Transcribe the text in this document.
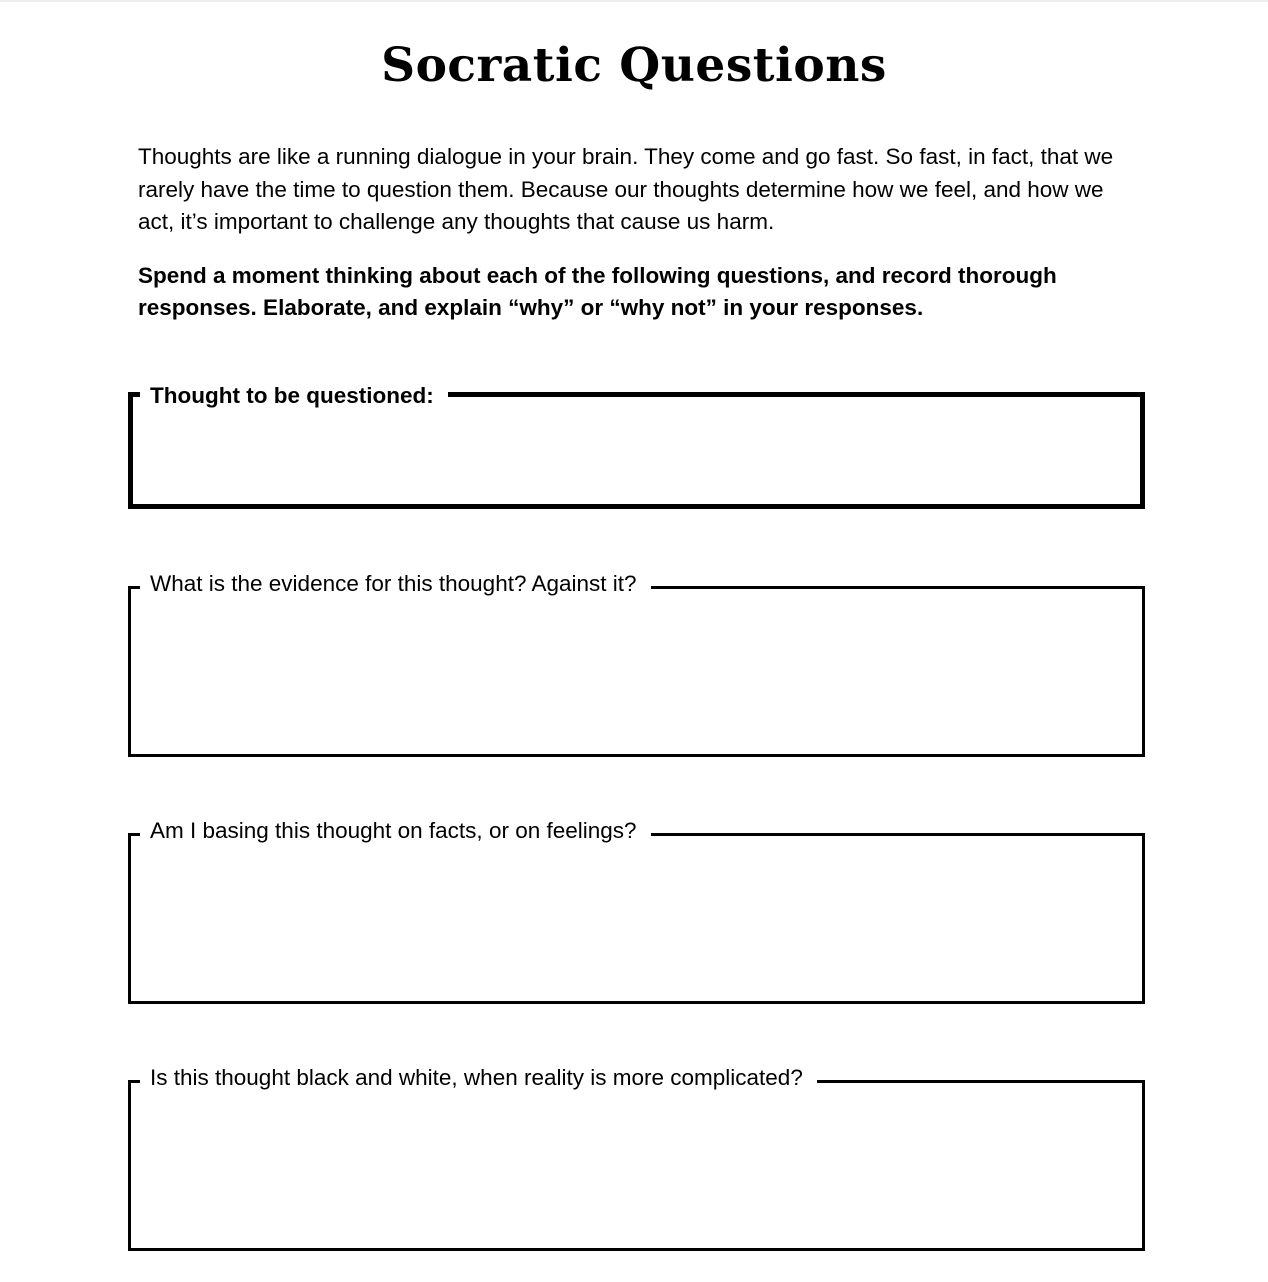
Socratic Questions

Thoughts are like a running dialogue in your brain. They come and go fast. So fast, in fact, that we rarely have the time to question them. Because our thoughts determine how we feel, and how we act, it’s important to challenge any thoughts that cause us harm.

Spend a moment thinking about each of the following questions, and record thorough responses. Elaborate, and explain “why” or “why not” in your responses.

Thought to be questioned:
What is the evidence for this thought? Against it?
Am I basing this thought on facts, or on feelings?
Is this thought black and white, when reality is more complicated?
